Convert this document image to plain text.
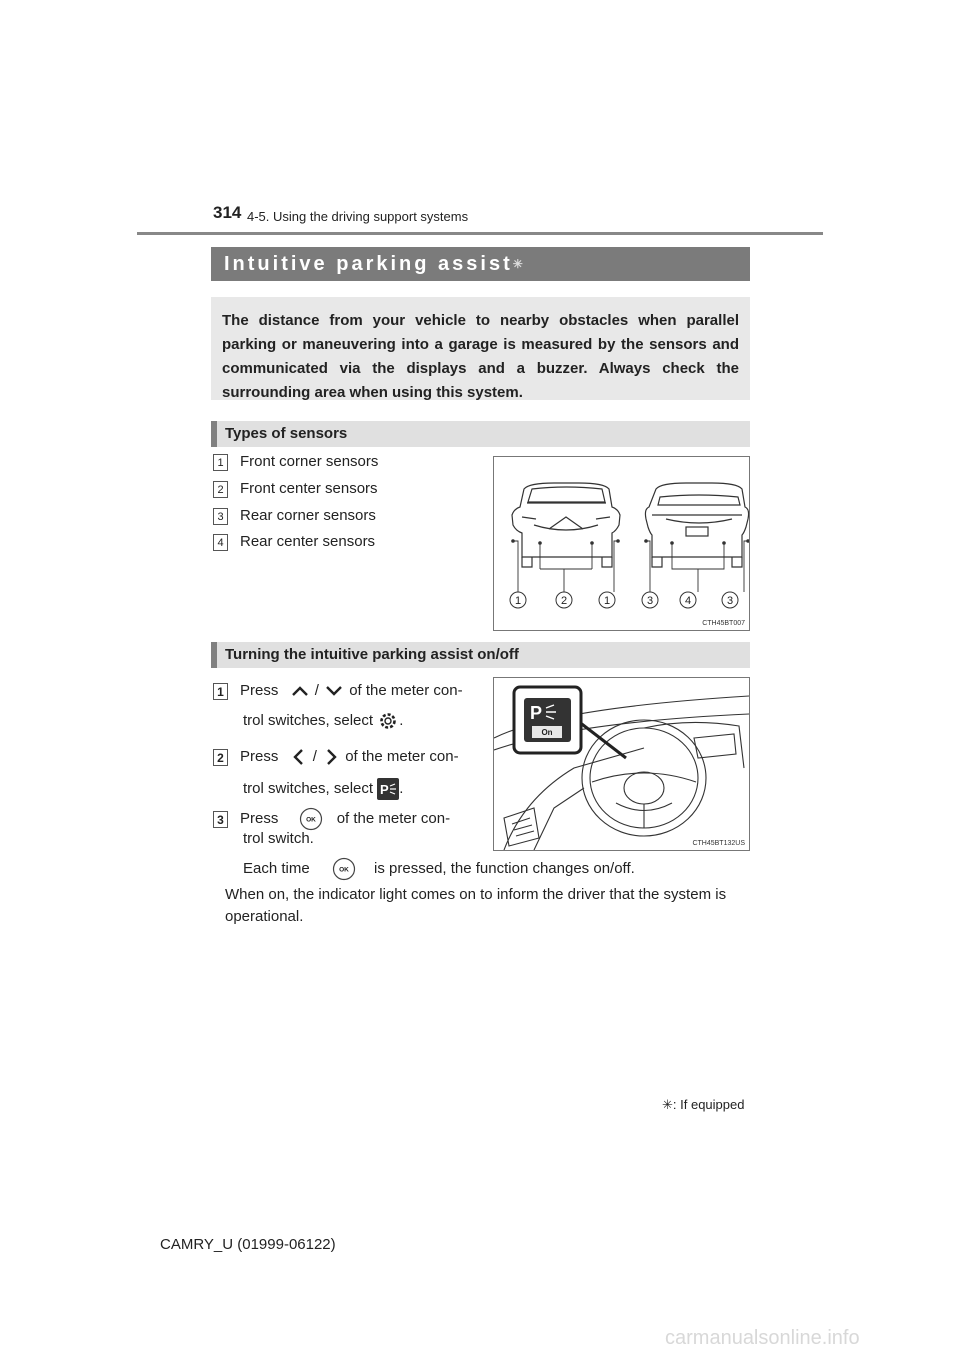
314 4-5. Using the driving support systems
Intuitive parking assist✳

The distance from your vehicle to nearby obstacles when parallel parking or maneuvering into a garage is measured by the sensors and communicated via the displays and a buzzer. Always check the surrounding area when using this system.

Types of sensors
1 Front corner sensors
2 Front center sensors
3 Rear corner sensors
4 Rear center sensors
1	2	1	3	4	3
CTH45BT007
Turning the intuitive parking assist on/off
1 Press / of the meter con-
trol switches, select .
2 Press / of the meter con-
trol switches, select P .
3 Press	OK of the meter con-
trol switch.
Each time	OK is pressed, the function changes on/off.
When on, the indicator light comes on to inform the driver that the system is operational.
P
On
CTH45BT132US
✳: If equipped
CAMRY_U (01999-06122)
carmanualsonline.info
